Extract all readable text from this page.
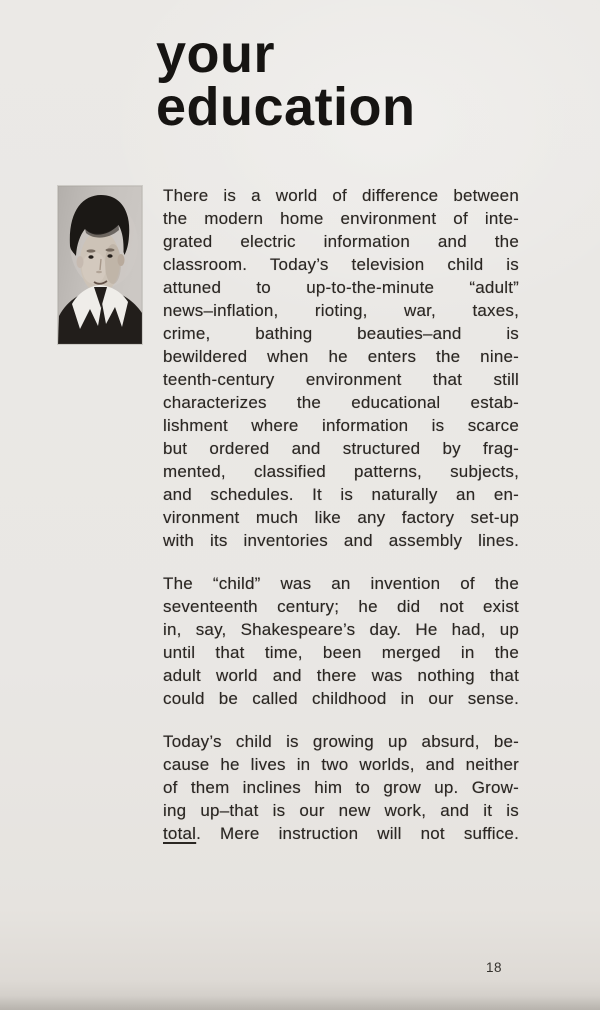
your
education
There is a world of difference between
the modern home environment of inte-
grated electric information and the
classroom. Today’s television child is
attuned to up-to-the-minute “adult”
news–inflation, rioting, war, taxes,
crime, bathing beauties–and is
bewildered when he enters the nine-
teenth-century environment that still
characterizes the educational estab-
lishment where information is scarce
but ordered and structured by frag-
mented, classified patterns, subjects,
and schedules. It is naturally an en-
vironment much like any factory set-up
with its inventories and assembly lines.
The “child” was an invention of the
seventeenth century; he did not exist
in, say, Shakespeare’s day. He had, up
until that time, been merged in the
adult world and there was nothing that
could be called childhood in our sense.
Today’s child is growing up absurd, be-
cause he lives in two worlds, and neither
of them inclines him to grow up. Grow-
ing up–that is our new work, and it is
total. Mere instruction will not suffice.
18
